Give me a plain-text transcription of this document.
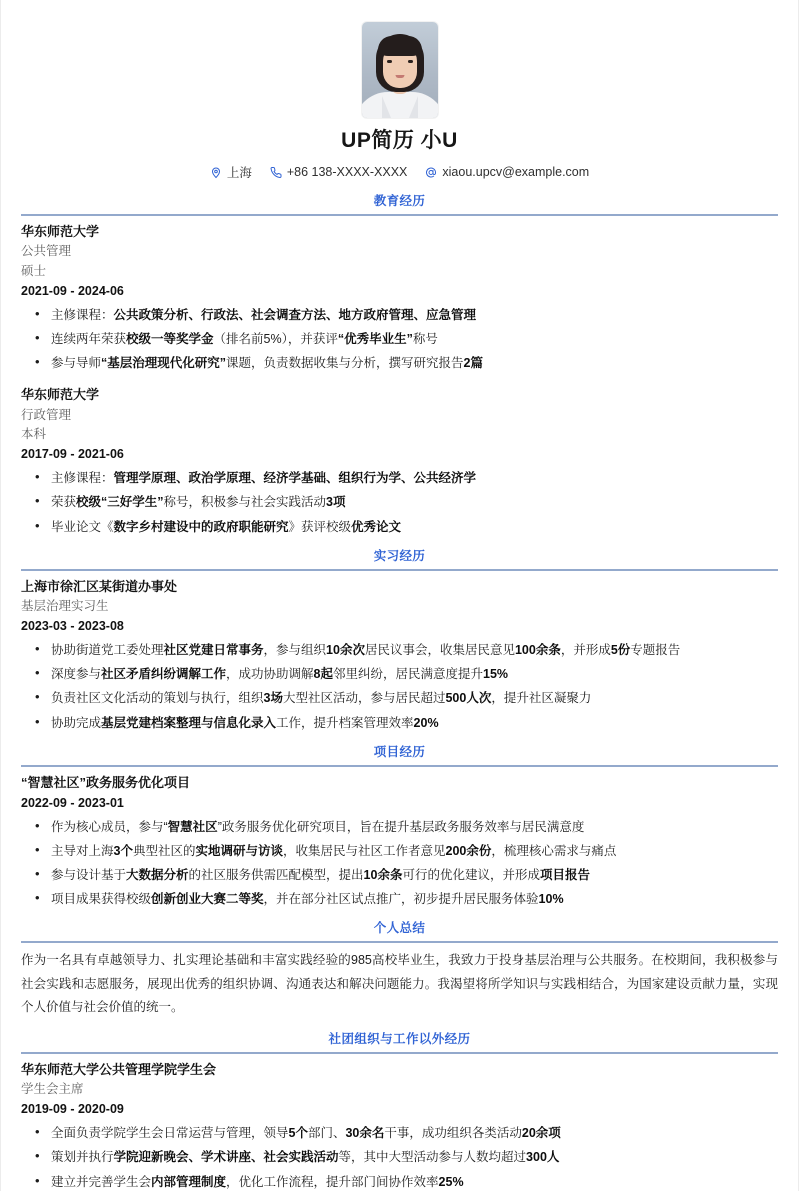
UP简历 小U
上海	+86 138-XXXX-XXXX	xiaou.upcv@example.com
教育经历
华东师范大学
公共管理
硕士
2021-09 - 2024-06
• 主修课程：公共政策分析、行政法、社会调查方法、地方政府管理、应急管理
• 连续两年荣获校级一等奖学金（排名前5%），并获评“优秀毕业生”称号
• 参与导师“基层治理现代化研究”课题，负责数据收集与分析，撰写研究报告2篇
华东师范大学
行政管理
本科
2017-09 - 2021-06
• 主修课程：管理学原理、政治学原理、经济学基础、组织行为学、公共经济学
• 荣获校级“三好学生”称号，积极参与社会实践活动3项
• 毕业论文《数字乡村建设中的政府职能研究》获评校级优秀论文
实习经历
上海市徐汇区某街道办事处
基层治理实习生
2023-03 - 2023-08
• 协助街道党工委处理社区党建日常事务，参与组织10余次居民议事会，收集居民意见100余条，并形成5份专题报告
• 深度参与社区矛盾纠纷调解工作，成功协助调解8起邻里纠纷，居民满意度提升15%
• 负责社区文化活动的策划与执行，组织3场大型社区活动，参与居民超过500人次，提升社区凝聚力
• 协助完成基层党建档案整理与信息化录入工作，提升档案管理效率20%
项目经历
“智慧社区”政务服务优化项目
2022-09 - 2023-01
• 作为核心成员，参与“智慧社区”政务服务优化研究项目，旨在提升基层政务服务效率与居民满意度
• 主导对上海3个典型社区的实地调研与访谈，收集居民与社区工作者意见200余份，梳理核心需求与痛点
• 参与设计基于大数据分析的社区服务供需匹配模型，提出10余条可行的优化建议，并形成项目报告
• 项目成果获得校级创新创业大赛二等奖，并在部分社区试点推广，初步提升居民服务体验10%
个人总结

作为一名具有卓越领导力、扎实理论基础和丰富实践经验的985高校毕业生，我致力于投身基层治理与公共服务。在校期间，我积极参与社会实践和志愿服务，展现出优秀的组织协调、沟通表达和解决问题能力。我渴望将所学知识与实践相结合，为国家建设贡献力量，实现个人价值与社会价值的统一。

社团组织与工作以外经历
华东师范大学公共管理学院学生会
学生会主席
2019-09 - 2020-09
• 全面负责学院学生会日常运营与管理，领导5个部门、30余名干事，成功组织各类活动20余项
• 策划并执行学院迎新晚会、学术讲座、社会实践活动等，其中大型活动参与人数均超过300人
• 建立并完善学生会内部管理制度，优化工作流程，提升部门间协作效率25%
